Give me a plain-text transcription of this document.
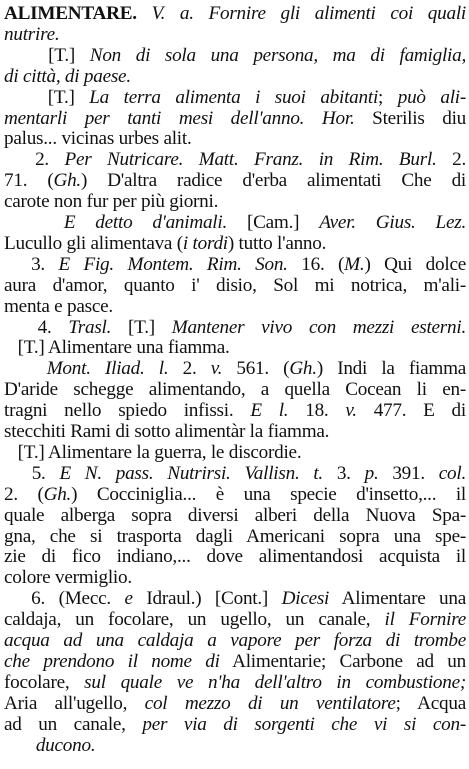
ALIMENTARE. V. a. Fornire gli alimenti coi quali
nutrire.
[T.] Non di sola una persona, ma di famiglia,
di città, di paese.
[T.] La terra alimenta i suoi abitanti; può ali-
mentarli per tanti mesi dell'anno. Hor. Sterilis diu
palus... vicinas urbes alit.
2. Per Nutricare. Matt. Franz. in Rim. Burl. 2.
71. (Gh.) D'altra radice d'erba alimentati Che di
carote non fur per più giorni.
E detto d'animali. [Cam.] Aver. Gius. Lez.
Lucullo gli alimentava (i tordi) tutto l'anno.
3. E Fig. Montem. Rim. Son. 16. (M.) Qui dolce
aura d'amor, quanto i' disio, Sol mi notrica, m'ali-
menta e pasce.
4. Trasl. [T.] Mantener vivo con mezzi esterni.
[T.] Alimentare una fiamma.
Mont. Iliad. l. 2. v. 561. (Gh.) Indi la fiamma
D'aride schegge alimentando, a quella Cocean li en-
tragni nello spiedo infissi. E l. 18. v. 477. E di
stecchiti Rami di sotto alimentàr la fiamma.
[T.] Alimentare la guerra, le discordie.
5. E N. pass. Nutrirsi. Vallisn. t. 3. p. 391. col.
2. (Gh.) Cocciniglia... è una specie d'insetto,... il
quale alberga sopra diversi alberi della Nuova Spa-
gna, che si trasporta dagli Americani sopra una spe-
zie di fico indiano,... dove alimentandosi acquista il
colore vermiglio.
6. (Mecc. e Idraul.) [Cont.] Dicesi Alimentare una
caldaja, un focolare, un ugello, un canale, il Fornire
acqua ad una caldaja a vapore per forza di trombe
che prendono il nome di Alimentarie; Carbone ad un
focolare, sul quale ve n'ha dell'altro in combustione;
Aria all'ugello, col mezzo di un ventilatore; Acqua
ad un canale, per via di sorgenti che vi si con-
ducono.
